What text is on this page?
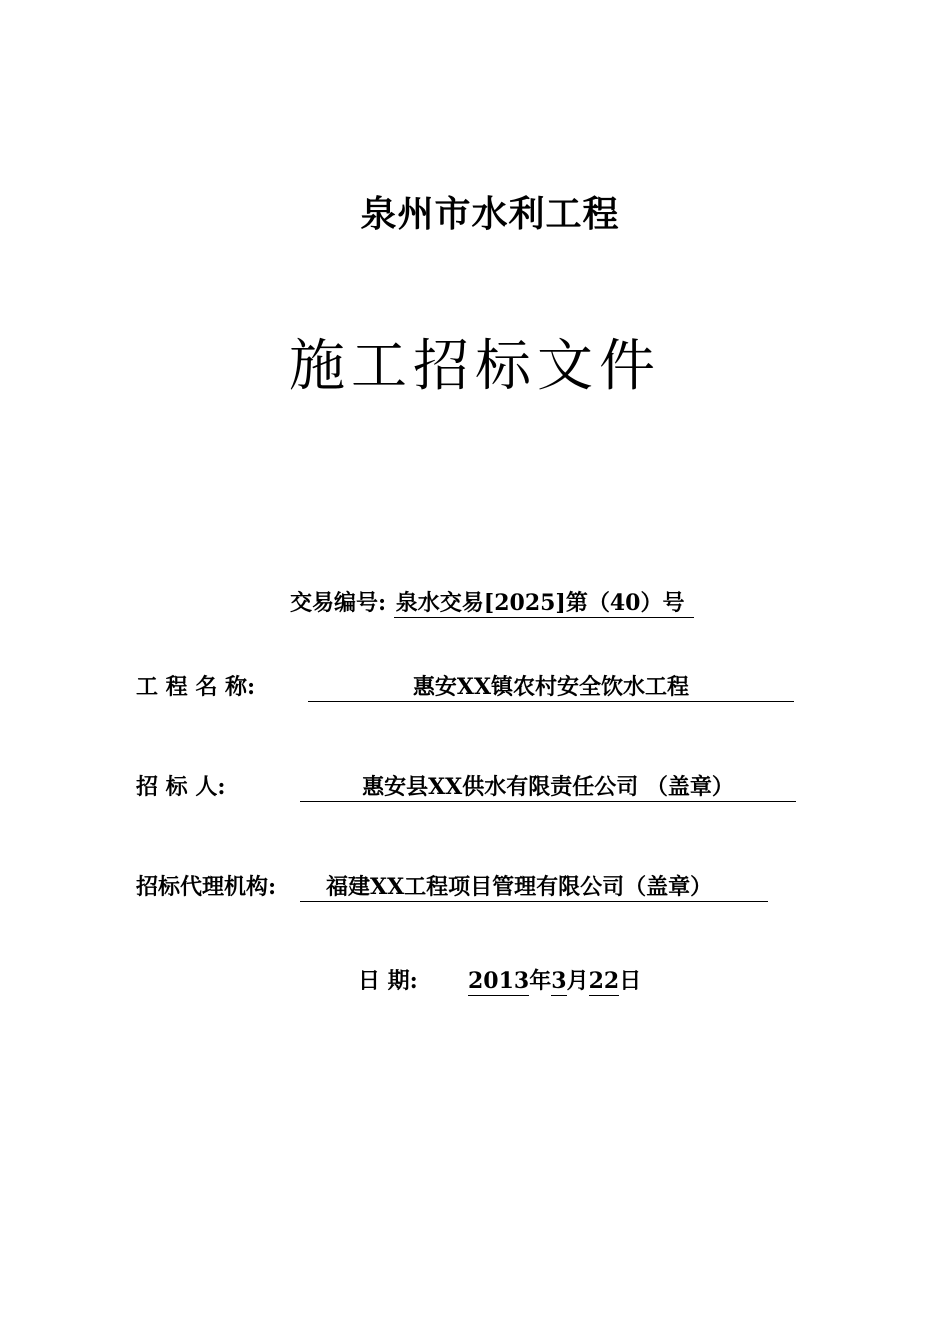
泉州市水利工程
施工招标文件
交易编号: 泉水交易[2025]第（40）号
工 程 名 称:	惠安XX镇农村安全饮水工程
招 标 人:	惠安县XX供水有限责任公司 （盖章）
招标代理机构: 福建XX工程项目管理有限公司（盖章）
日 期: 2013年3月22日
